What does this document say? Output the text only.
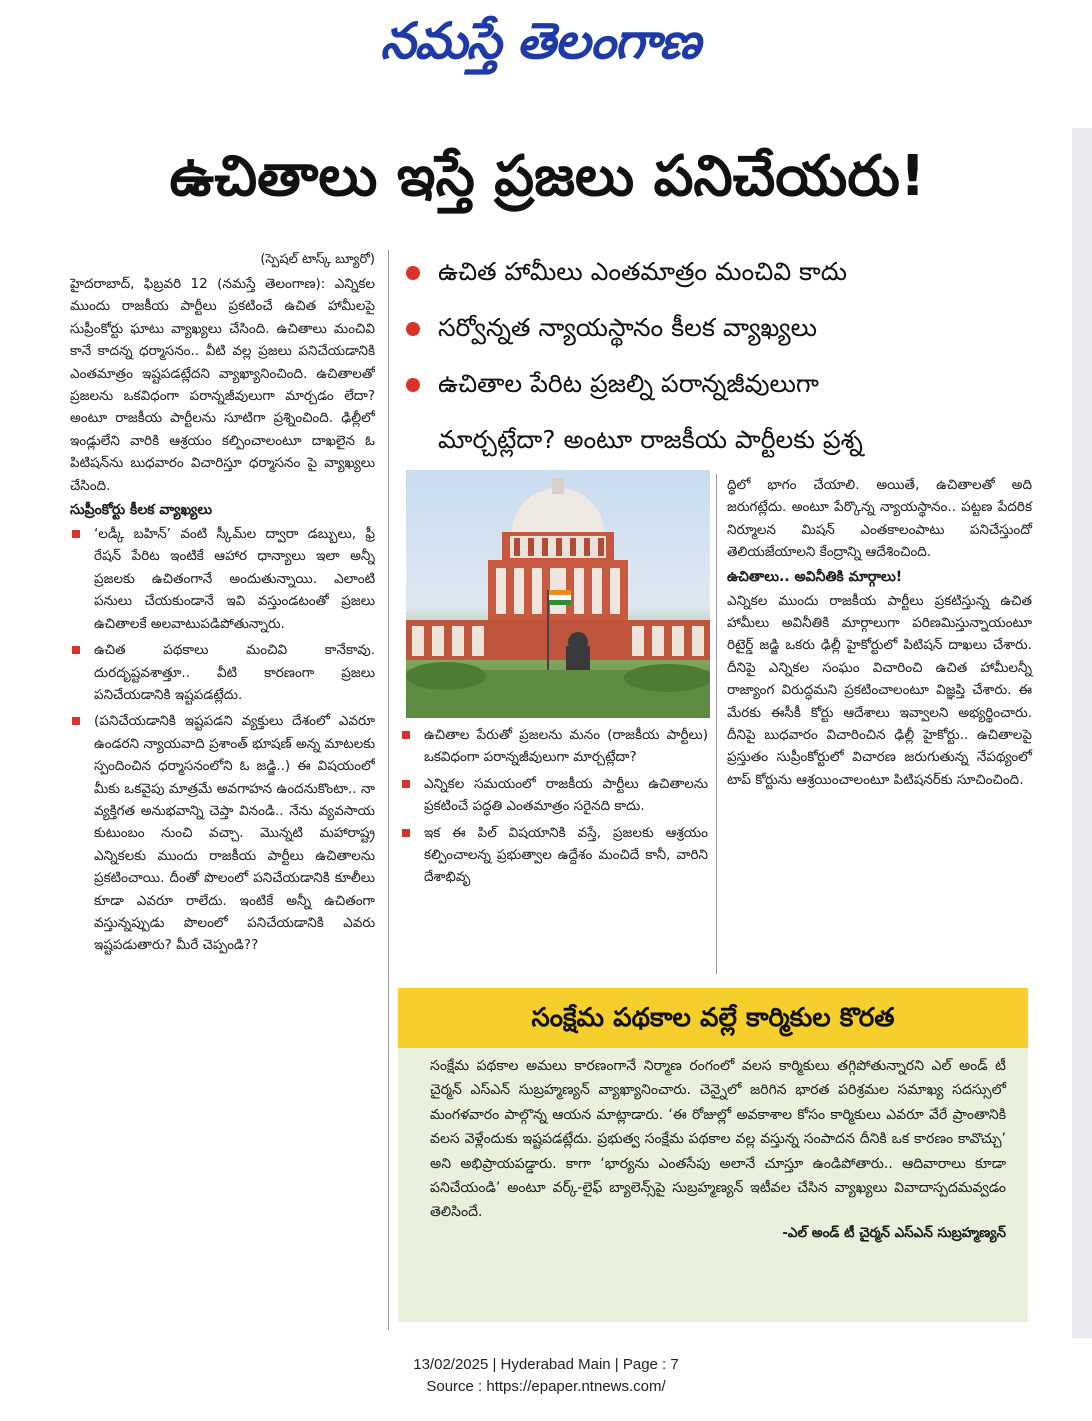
నమస్తే తెలంగాణ
ఉచితాలు ఇస్తే ప్రజలు పనిచేయరు!

(స్పెషల్ టాస్క్ బ్యూరో)

హైదరాబాద్, ఫిబ్రవరి 12 (నమస్తే తెలంగాణ): ఎన్నికల ముందు రాజకీయ పార్టీలు ప్రకటించే ఉచిత హామీలపై సుప్రీంకోర్టు ఘాటు వ్యాఖ్యలు చేసింది. ఉచితాలు మంచివి కానే కాదన్న ధర్మాసనం.. వీటి వల్ల ప్రజలు పనిచేయడానికి ఎంతమాత్రం ఇష్టపడట్లేదని వ్యాఖ్యానించింది. ఉచితాలతో ప్రజలను ఒకవిధంగా పరాన్నజీవులుగా మార్చడం లేదా? అంటూ రాజకీయ పార్టీలను సూటిగా ప్రశ్నించింది. ఢిల్లీలో ఇండ్లులేని వారికి ఆశ్రయం కల్పించాలంటూ దాఖలైన ఓ పిటిషన్‌ను బుధవారం విచారిస్తూ ధర్మాసనం పై వ్యాఖ్యలు చేసింది.

సుప్రీంకోర్టు కీలక వ్యాఖ్యలు
‘లడ్కీ బహిన్’ వంటి స్కీమ్‌ల ద్వారా డబ్బులు, ఫ్రీ రేషన్ పేరిట ఇంటికే ఆహార ధాన్యాలు ఇలా అన్నీ ప్రజలకు ఉచితంగానే అందుతున్నాయి. ఎలాంటి పనులు చేయకుండానే ఇవి వస్తుండటంతో ప్రజలు ఉచితాలకే అలవాటుపడిపోతున్నారు.
ఉచిత పథకాలు మంచివి కానేకావు. దురదృష్టవశాత్తూ.. వీటి కారణంగా ప్రజలు పనిచేయడానికి ఇష్టపడట్లేదు.
(పనిచేయడానికి ఇష్టపడని వ్యక్తులు దేశంలో ఎవరూ ఉండరని న్యాయవాది ప్రశాంత్ భూషణ్ అన్న మాటలకు స్పందించిన ధర్మాసనంలోని ఓ జడ్జి..) ఈ విషయంలో మీకు ఒకవైపు మాత్రమే అవగాహన ఉందనుకొంటా.. నా వ్యక్తిగత అనుభవాన్ని చెప్తా వినండి.. నేను వ్యవసాయ కుటుంబం నుంచి వచ్చా. మొన్నటి మహారాష్ట్ర ఎన్నికలకు ముందు రాజకీయ పార్టీలు ఉచితాలను ప్రకటించాయి. దీంతో పొలంలో పనిచేయడానికి కూలీలు కూడా ఎవరూ రాలేదు. ఇంటికే అన్నీ ఉచితంగా వస్తున్నప్పుడు పొలంలో పనిచేయడానికి ఎవరు ఇష్టపడుతారు? మీరే చెప్పండి??
ఉచిత హామీలు ఎంతమాత్రం మంచివి కాదు
సర్వోన్నత న్యాయస్థానం కీలక వ్యాఖ్యలు
ఉచితాల పేరిట ప్రజల్ని పరాన్నజీవులుగా
మార్చట్లేదా? అంటూ రాజకీయ పార్టీలకు ప్రశ్న
ఉచితాల పేరుతో ప్రజలను మనం (రాజకీయ పార్టీలు) ఒకవిధంగా పరాన్నజీవులుగా మార్చట్లేదా?
ఎన్నికల సమయంలో రాజకీయ పార్టీలు ఉచితాలను ప్రకటించే పద్ధతి ఎంతమాత్రం సరైనది కాదు.
ఇక ఈ పిల్ విషయానికి వస్తే, ప్రజలకు ఆశ్రయం కల్పించాలన్న ప్రభుత్వాల ఉద్దేశం మంచిదే కానీ, వారిని దేశాభివృ

ద్ధిలో భాగం చేయాలి. అయితే, ఉచితాలతో అది జరుగట్లేదు. అంటూ పేర్కొన్న న్యాయస్థానం.. పట్టణ పేదరిక నిర్మూలన మిషన్ ఎంతకాలంపాటు పనిచేస్తుందో తెలియజేయాలని కేంద్రాన్ని ఆదేశించింది.

ఉచితాలు.. అవినీతికి మార్గాలు!

ఎన్నికల ముందు రాజకీయ పార్టీలు ప్రకటిస్తున్న ఉచిత హామీలు అవినీతికి మార్గాలుగా పరిణమిస్తున్నాయంటూ రిటైర్డ్ జడ్జి ఒకరు ఢిల్లీ హైకోర్టులో పిటిషన్ దాఖలు చేశారు. దీనిపై ఎన్నికల సంఘం విచారించి ఉచిత హామీలన్నీ రాజ్యాంగ విరుద్ధమని ప్రకటించాలంటూ విజ్ఞప్తి చేశారు. ఈ మేరకు ఈసీకీ కోర్టు ఆదేశాలు ఇవ్వాలని అభ్యర్థించారు. దీనిపై బుధవారం విచారించిన ఢిల్లీ హైకోర్టు.. ఉచితాలపై ప్రస్తుతం సుప్రీంకోర్టులో విచారణ జరుగుతున్న నేపథ్యంలో టాప్ కోర్టును ఆశ్రయించాలంటూ పిటిషనర్‌కు సూచించింది.

సంక్షేమ పథకాల వల్లే కార్మికుల కొరత

సంక్షేమ పథకాల అమలు కారణంగానే నిర్మాణ రంగంలో వలస కార్మికులు తగ్గిపోతున్నారని ఎల్ అండ్ టీ చైర్మన్ ఎస్ఎన్ సుబ్రహ్మణ్యన్ వ్యాఖ్యానించారు. చెన్నైలో జరిగిన భారత పరిశ్రమల సమాఖ్య సదస్సులో మంగళవారం పాల్గొన్న ఆయన మాట్లాడారు. ‘ఈ రోజుల్లో అవకాశాల కోసం కార్మికులు ఎవరూ వేరే ప్రాంతానికి వలస వెళ్లేందుకు ఇష్టపడట్లేదు. ప్రభుత్వ సంక్షేమ పథకాల వల్ల వస్తున్న సంపాదన దీనికి ఒక కారణం కావొచ్చు’ అని అభిప్రాయపడ్డారు. కాగా ‘భార్యను ఎంతసేపు అలానే చూస్తూ ఉండిపోతారు.. ఆదివారాలు కూడా పనిచేయండి’ అంటూ వర్క్-లైఫ్ బ్యాలెన్స్‌పై సుబ్రహ్మణ్యన్ ఇటీవల చేసిన వ్యాఖ్యలు వివాదాస్పదమవ్వడం తెలిసిందే.

-ఎల్ అండ్ టీ చైర్మన్ ఎస్ఎన్ సుబ్రహ్మణ్యన్
13/02/2025 | Hyderabad Main | Page : 7
Source : https://epaper.ntnews.com/
